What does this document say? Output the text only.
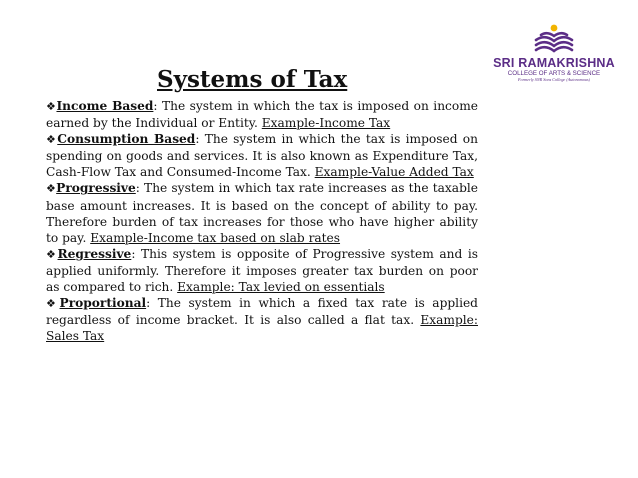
SRI RAMAKRISHNA
COLLEGE OF ARTS & SCIENCE
Formerly SNR Sons College (Autonomous)
Systems of Tax

❖Income Based: The system in which the tax is imposed on income earned by the Individual or Entity. Example-Income Tax

❖Consumption Based: The system in which the tax is imposed on spending on goods and services. It is also known as Expenditure Tax, Cash-Flow Tax and Consumed-Income Tax. Example-Value Added Tax

❖Progressive: The system in which tax rate increases as the taxable base amount increases. It is based on the concept of ability to pay. Therefore burden of tax increases for those who have higher ability to pay. Example-Income tax based on slab rates

❖Regressive: This system is opposite of Progressive system and is applied uniformly. Therefore it imposes greater tax burden on poor as compared to rich. Example: Tax levied on essentials

❖Proportional: The system in which a fixed tax rate is applied regardless of income bracket. It is also called a flat tax. Example: Sales Tax
